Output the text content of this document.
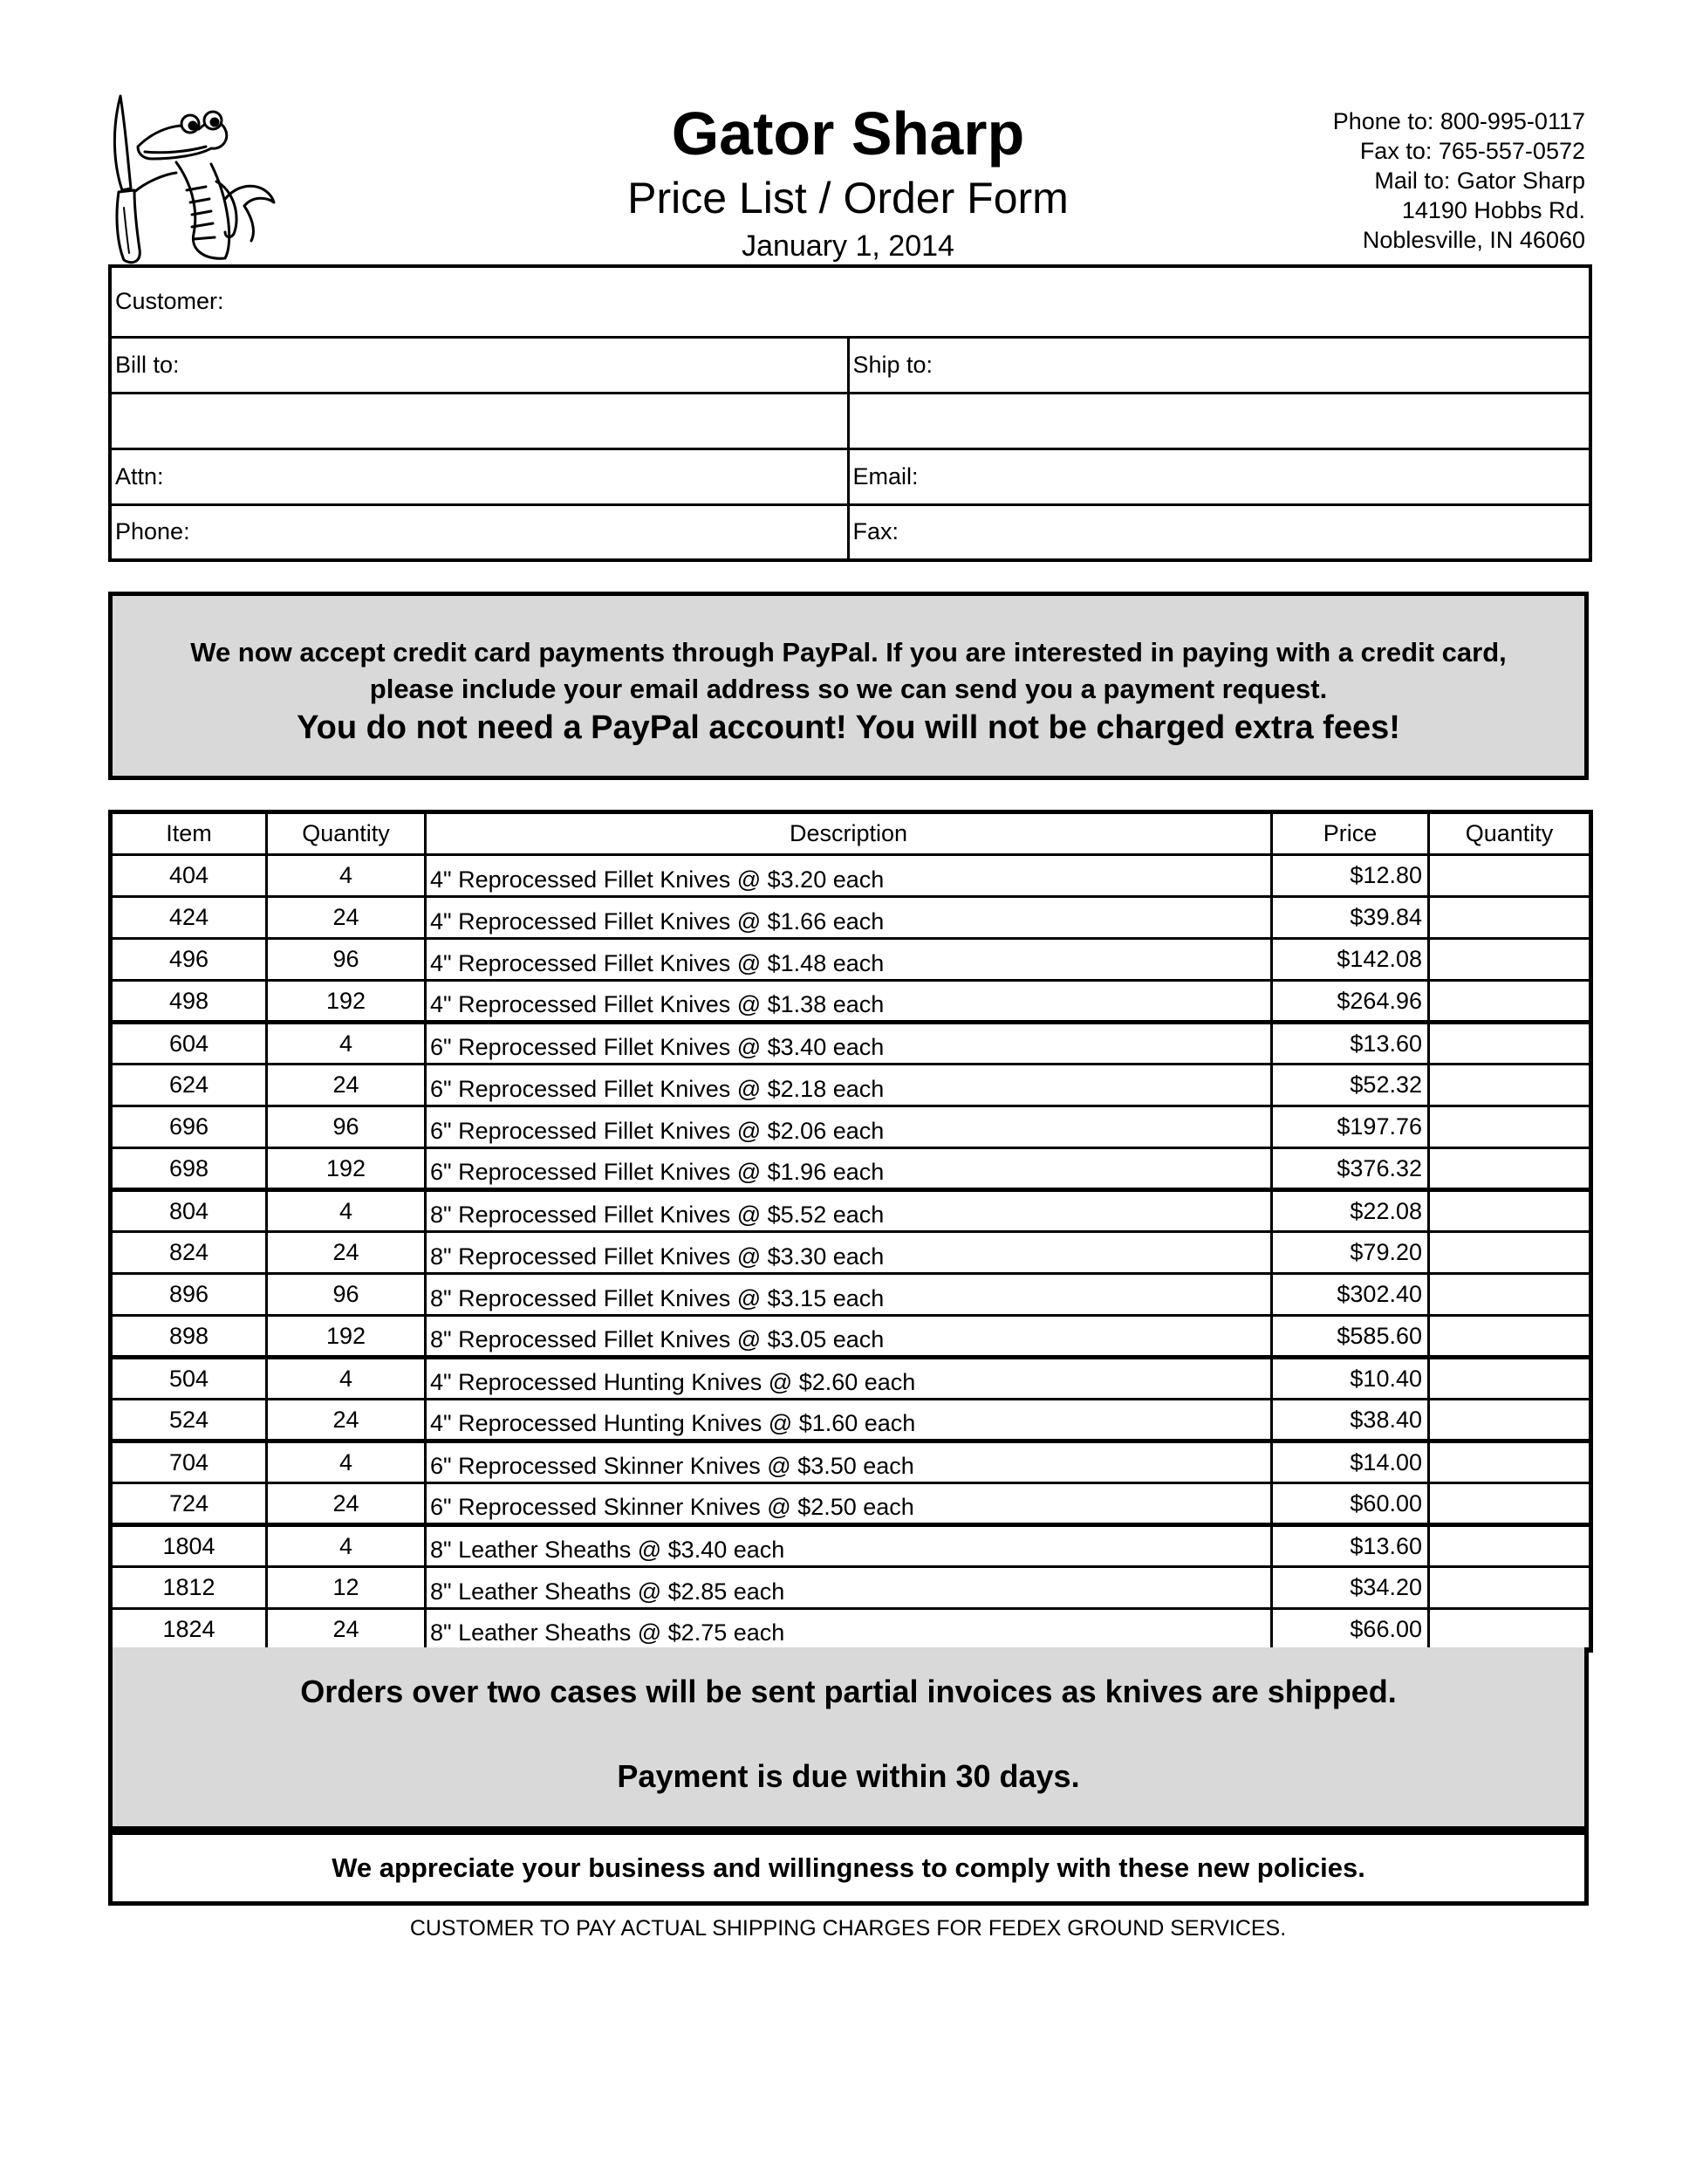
Gator Sharp
Price List / Order Form
January 1, 2014
Phone to: 800-995-0117
Fax to: 765-557-0572
Mail to: Gator Sharp
14190 Hobbs Rd.
Noblesville, IN 46060
Customer:	
Bill to:	Ship to:

Attn:	Email:
Phone:	Fax:
We now accept credit card payments through PayPal. If you are interested in paying with a credit card,
please include your email address so we can send you a payment request.
You do not need a PayPal account! You will not be charged extra fees!
Item	Quantity	Description	Price	Quantity
404	4	4" Reprocessed Fillet Knives @ $3.20 each	$12.80	
424	24	4" Reprocessed Fillet Knives @ $1.66 each	$39.84	
496	96	4" Reprocessed Fillet Knives @ $1.48 each	$142.08	
498	192	4" Reprocessed Fillet Knives @ $1.38 each	$264.96	
604	4	6" Reprocessed Fillet Knives @ $3.40 each	$13.60	
624	24	6" Reprocessed Fillet Knives @ $2.18 each	$52.32	
696	96	6" Reprocessed Fillet Knives @ $2.06 each	$197.76	
698	192	6" Reprocessed Fillet Knives @ $1.96 each	$376.32	
804	4	8" Reprocessed Fillet Knives @ $5.52 each	$22.08	
824	24	8" Reprocessed Fillet Knives @ $3.30 each	$79.20	
896	96	8" Reprocessed Fillet Knives @ $3.15 each	$302.40	
898	192	8" Reprocessed Fillet Knives @ $3.05 each	$585.60	
504	4	4" Reprocessed Hunting Knives @ $2.60 each	$10.40	
524	24	4" Reprocessed Hunting Knives @ $1.60 each	$38.40	
704	4	6" Reprocessed Skinner Knives @ $3.50 each	$14.00	
724	24	6" Reprocessed Skinner Knives @ $2.50 each	$60.00	
1804	4	8" Leather Sheaths @ $3.40 each	$13.60	
1812	12	8" Leather Sheaths @ $2.85 each	$34.20	
1824	24	8" Leather Sheaths @ $2.75 each	$66.00	
Orders over two cases will be sent partial invoices as knives are shipped.
Payment is due within 30 days.
We appreciate your business and willingness to comply with these new policies.
CUSTOMER TO PAY ACTUAL SHIPPING CHARGES FOR FEDEX GROUND SERVICES.
